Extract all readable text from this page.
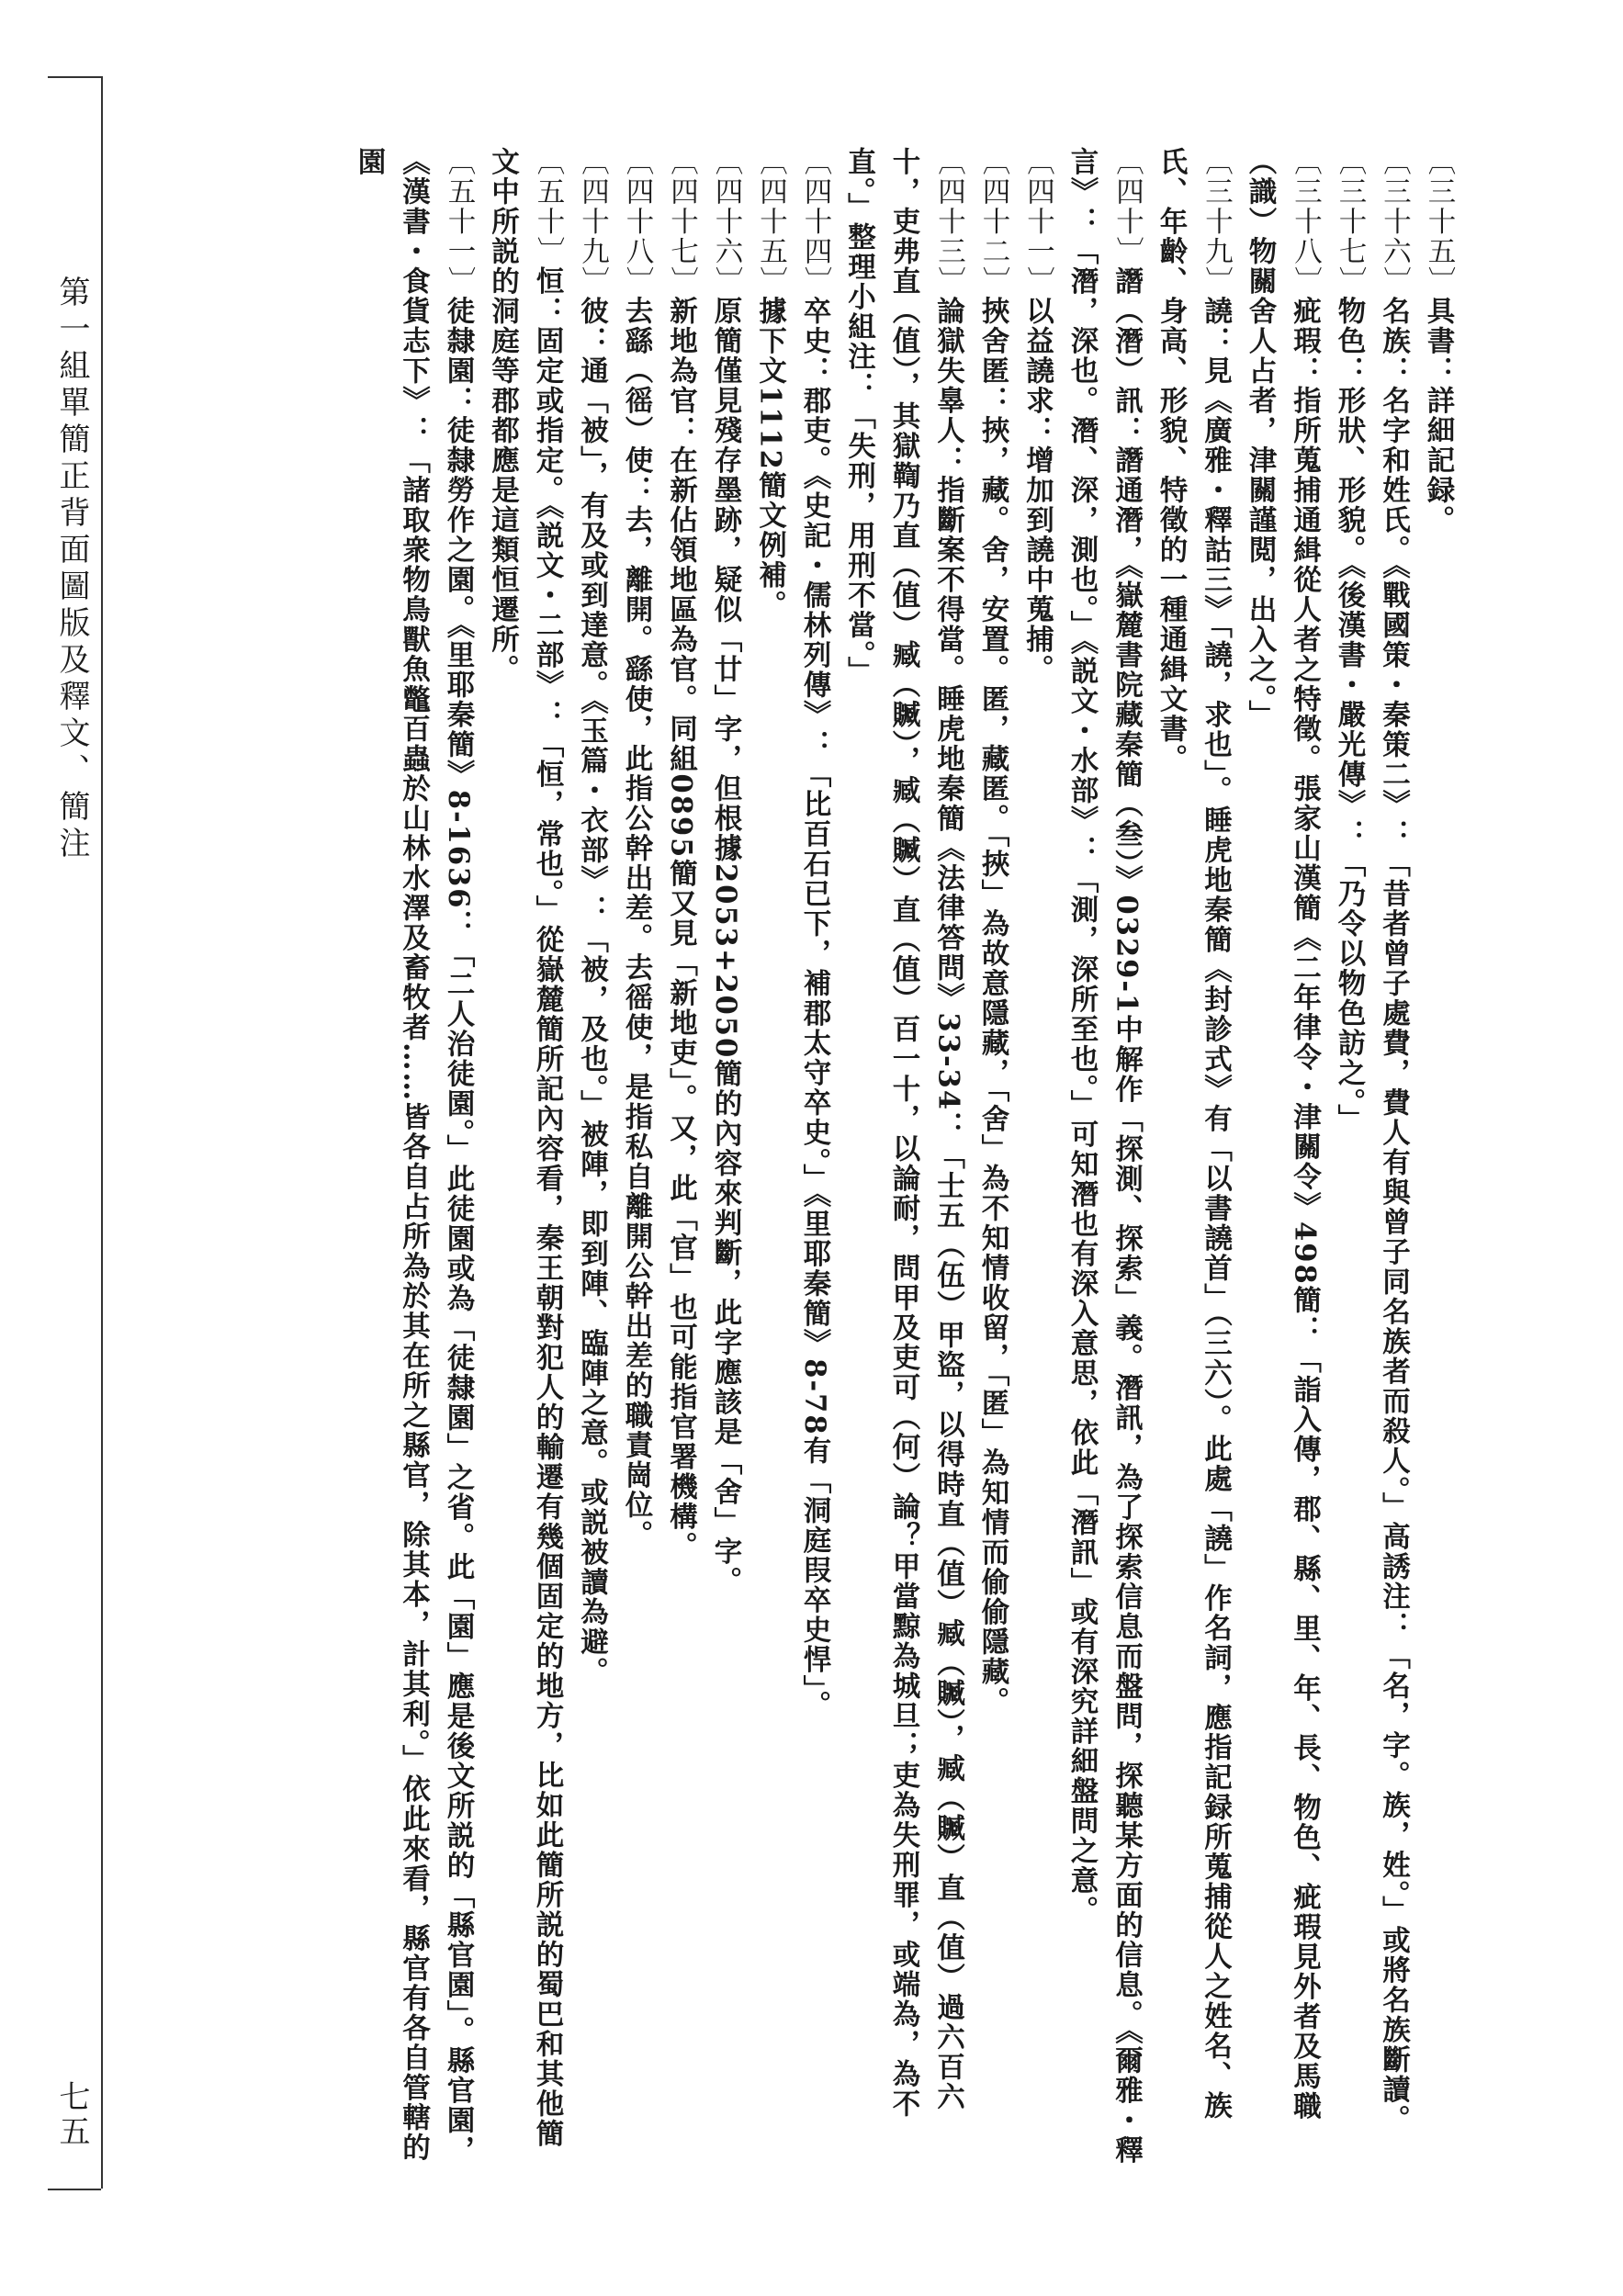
第一組單簡正背面圖版及釋文、簡注
七五

〔三十五〕具書：詳細記録。

〔三十六〕名族：名字和姓氏。《戰國策・秦策二》：「昔者曾子處費，費人有與曾子同名族者而殺人。」高誘注：「名，字。族，姓。」或將名族斷讀。

〔三十七〕物色：形狀、形貌。《後漢書・嚴光傳》：「乃令以物色訪之。」

〔三十八〕疵瑕：指所蒐捕通緝從人者之特徵。張家山漢簡《二年律令・津關令》498簡：「詣入傳，郡、縣、里、年、長、物色、疵瑕見外者及馬職（識）物關舍人占者，津關謹閲，出入之。」

〔三十九〕譊：見《廣雅・釋詁三》「譊，求也」。睡虎地秦簡《封診式》有「以書譊首」（三六）。此處「譊」作名詞，應指記録所蒐捕從人之姓名、族氏、年齡、身高、形貌、特徵的一種通緝文書。

〔四十〕譖（潛）訊：譖通潛，《嶽麓書院藏秦簡（叁）》0329-1中解作「探測、探索」義。潛訊，為了探索信息而盤問，探聽某方面的信息。《爾雅・釋言》：「潛，深也。潛、深，測也。」《説文・水部》：「測，深所至也。」可知潛也有深入意思，依此「潛訊」或有深究詳細盤問之意。

〔四十一〕以益譊求：增加到譊中蒐捕。

〔四十二〕挾舍匿：挾，藏。舍，安置。匿，藏匿。「挾」為故意隱藏，「舍」為不知情收留，「匿」為知情而偷偷隱藏。

〔四十三〕論獄失辠人：指斷案不得當。睡虎地秦簡《法律答問》33-34：「士五（伍）甲盜，以得時直（值）臧（贓），臧（贓）直（值）過六百六十，吏弗直（值），其獄鞫乃直（值）臧（贓），臧（贓）直（值）百一十，以論耐，問甲及吏可（何）論？甲當黥為城旦；吏為失刑罪，或端為，為不直。」整理小組注：「失刑，用刑不當。」

〔四十四〕卒史：郡吏。《史記・儒林列傳》：「比百石已下，補郡太守卒史。」《里耶秦簡》8-78有「洞庭叚卒史悍」。

〔四十五〕據下文1112簡文例補。

〔四十六〕原簡僅見殘存墨跡，疑似「廿」字，但根據2053+2050簡的內容來判斷，此字應該是「舍」字。

〔四十七〕新地為官：在新佔領地區為官。同組0895簡又見「新地吏」。又，此「官」也可能指官署機構。

〔四十八〕去繇（徭）使：去，離開。繇使，此指公幹出差。去徭使，是指私自離開公幹出差的職責崗位。

〔四十九〕彼：通「被」，有及或到達意。《玉篇・衣部》：「被，及也。」被陣，即到陣、臨陣之意。或説被讀為避。

〔五十〕恒：固定或指定。《説文・二部》：「恒，常也。」從嶽麓簡所記內容看，秦王朝對犯人的輸遷有幾個固定的地方，比如此簡所説的蜀巴和其他簡文中所説的洞庭等郡都應是這類恒遷所。

〔五十一〕徒隸園：徒隸勞作之園。《里耶秦簡》8-1636：「二人治徒園。」此徒園或為「徒隸園」之省。此「園」應是後文所説的「縣官園」。縣官園，《漢書・食貨志下》：「諸取衆物鳥獸魚鼈百蟲於山林水澤及畜牧者……皆各自占所為於其在所之縣官，除其本，計其利。」依此來看，縣官有各自管轄的園
